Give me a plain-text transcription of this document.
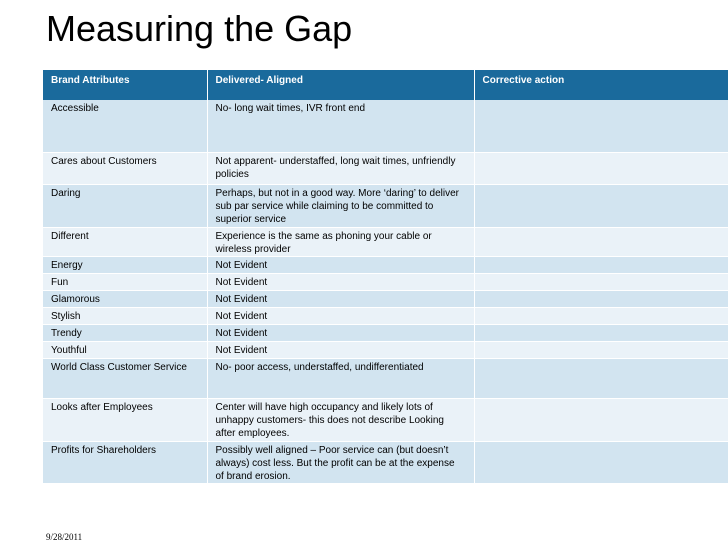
Measuring the Gap
Brand Attributes	Delivered- Aligned	Corrective action
Accessible	No- long wait times, IVR front end	
Cares about Customers	Not apparent- understaffed, long wait times, unfriendly policies	
Daring	Perhaps, but not in a good way. More ‘daring’ to deliver sub par service while claiming to be committed to superior service	
Different	Experience is the same as phoning your cable or wireless provider	
Energy	Not Evident	
Fun	Not Evident	
Glamorous	Not Evident	
Stylish	Not Evident	
Trendy	Not Evident	
Youthful	Not Evident	
World Class Customer Service	No- poor access, understaffed, undifferentiated	
Looks after Employees	Center will have high occupancy and likely lots of unhappy customers- this does not describe Looking after employees.	
Profits for Shareholders	Possibly well aligned – Poor service can (but doesn’t always) cost less. But the profit can be at the expense of brand erosion.	
9/28/2011
